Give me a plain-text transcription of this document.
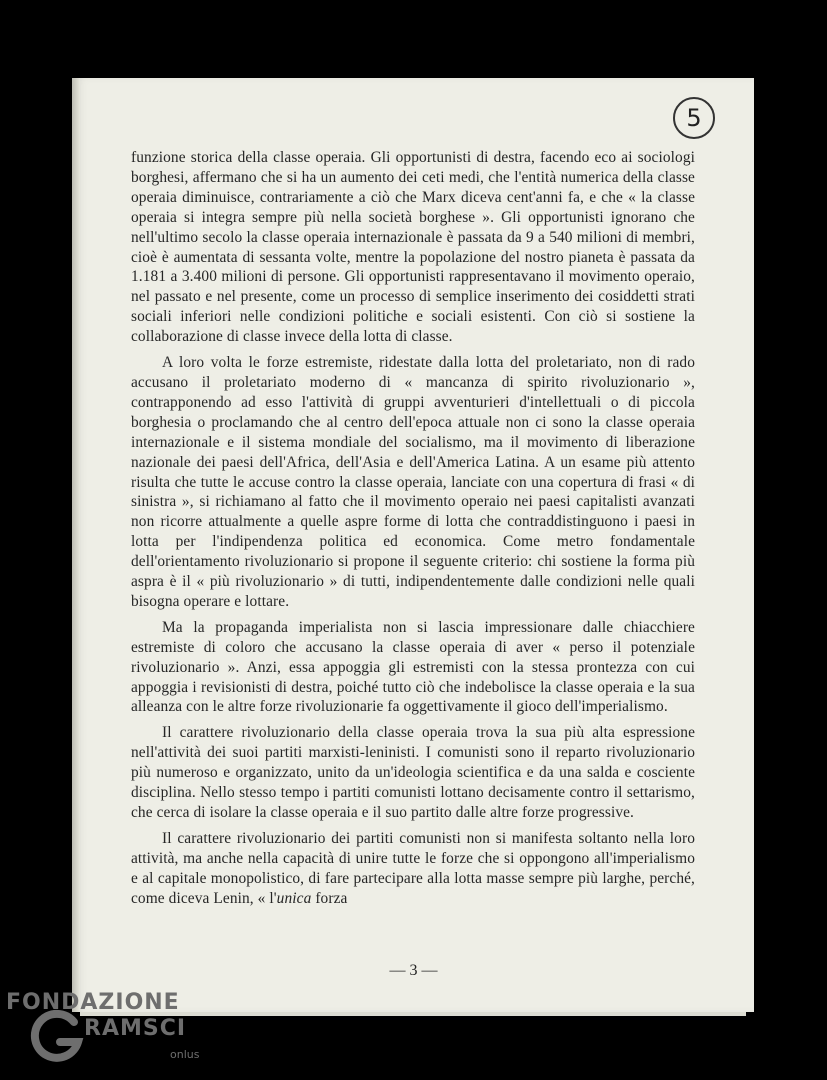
5

funzione storica della classe operaia. Gli opportunisti di destra, facendo eco ai sociologi borghesi, affermano che si ha un aumento dei ceti medi, che l'entità numerica della classe operaia diminuisce, contrariamente a ciò che Marx diceva cent'anni fa, e che « la classe operaia si integra sempre più nella società borghese ». Gli opportunisti ignorano che nell'ultimo secolo la classe operaia internazionale è passata da 9 a 540 milioni di membri, cioè è aumentata di sessanta volte, mentre la popolazione del nostro pianeta è passata da 1.181 a 3.400 milioni di persone. Gli opportunisti rappresentavano il movimento operaio, nel passato e nel presente, come un processo di semplice inserimento dei cosiddetti strati sociali inferiori nelle condizioni politiche e sociali esistenti. Con ciò si sostiene la collaborazione di classe invece della lotta di classe.

A loro volta le forze estremiste, ridestate dalla lotta del proletariato, non di rado accusano il proletariato moderno di « mancanza di spirito rivoluzionario », contrapponendo ad esso l'attività di gruppi avventurieri d'intellettuali o di piccola borghesia o proclamando che al centro dell'epoca attuale non ci sono la classe operaia internazionale e il sistema mondiale del socialismo, ma il movimento di liberazione nazionale dei paesi dell'Africa, dell'Asia e dell'America Latina. A un esame più attento risulta che tutte le accuse contro la classe operaia, lanciate con una copertura di frasi « di sinistra », si richiamano al fatto che il movimento operaio nei paesi capitalisti avanzati non ricorre attualmente a quelle aspre forme di lotta che contraddistinguono i paesi in lotta per l'indipendenza politica ed economica. Come metro fondamentale dell'orientamento rivoluzionario si propone il seguente criterio: chi sostiene la forma più aspra è il « più rivoluzionario » di tutti, indipendentemente dalle condizioni nelle quali bisogna operare e lottare.

Ma la propaganda imperialista non si lascia impressionare dalle chiacchiere estremiste di coloro che accusano la classe operaia di aver « perso il potenziale rivoluzionario ». Anzi, essa appoggia gli estremisti con la stessa prontezza con cui appoggia i revisionisti di destra, poiché tutto ciò che indebolisce la classe operaia e la sua alleanza con le altre forze rivoluzionarie fa oggettivamente il gioco dell'imperialismo.

Il carattere rivoluzionario della classe operaia trova la sua più alta espressione nell'attività dei suoi partiti marxisti-leninisti. I comunisti sono il reparto rivoluzionario più numeroso e organizzato, unito da un'ideologia scientifica e da una salda e cosciente disciplina. Nello stesso tempo i partiti comunisti lottano decisamente contro il settarismo, che cerca di isolare la classe operaia e il suo partito dalle altre forze progressive.

Il carattere rivoluzionario dei partiti comunisti non si manifesta soltanto nella loro attività, ma anche nella capacità di unire tutte le forze che si oppongono all'imperialismo e al capitale monopolistico, di fare partecipare alla lotta masse sempre più larghe, perché, come diceva Lenin, « l'unica forza

— 3 —
FONDAZIONE
RAMSCI
onlus
